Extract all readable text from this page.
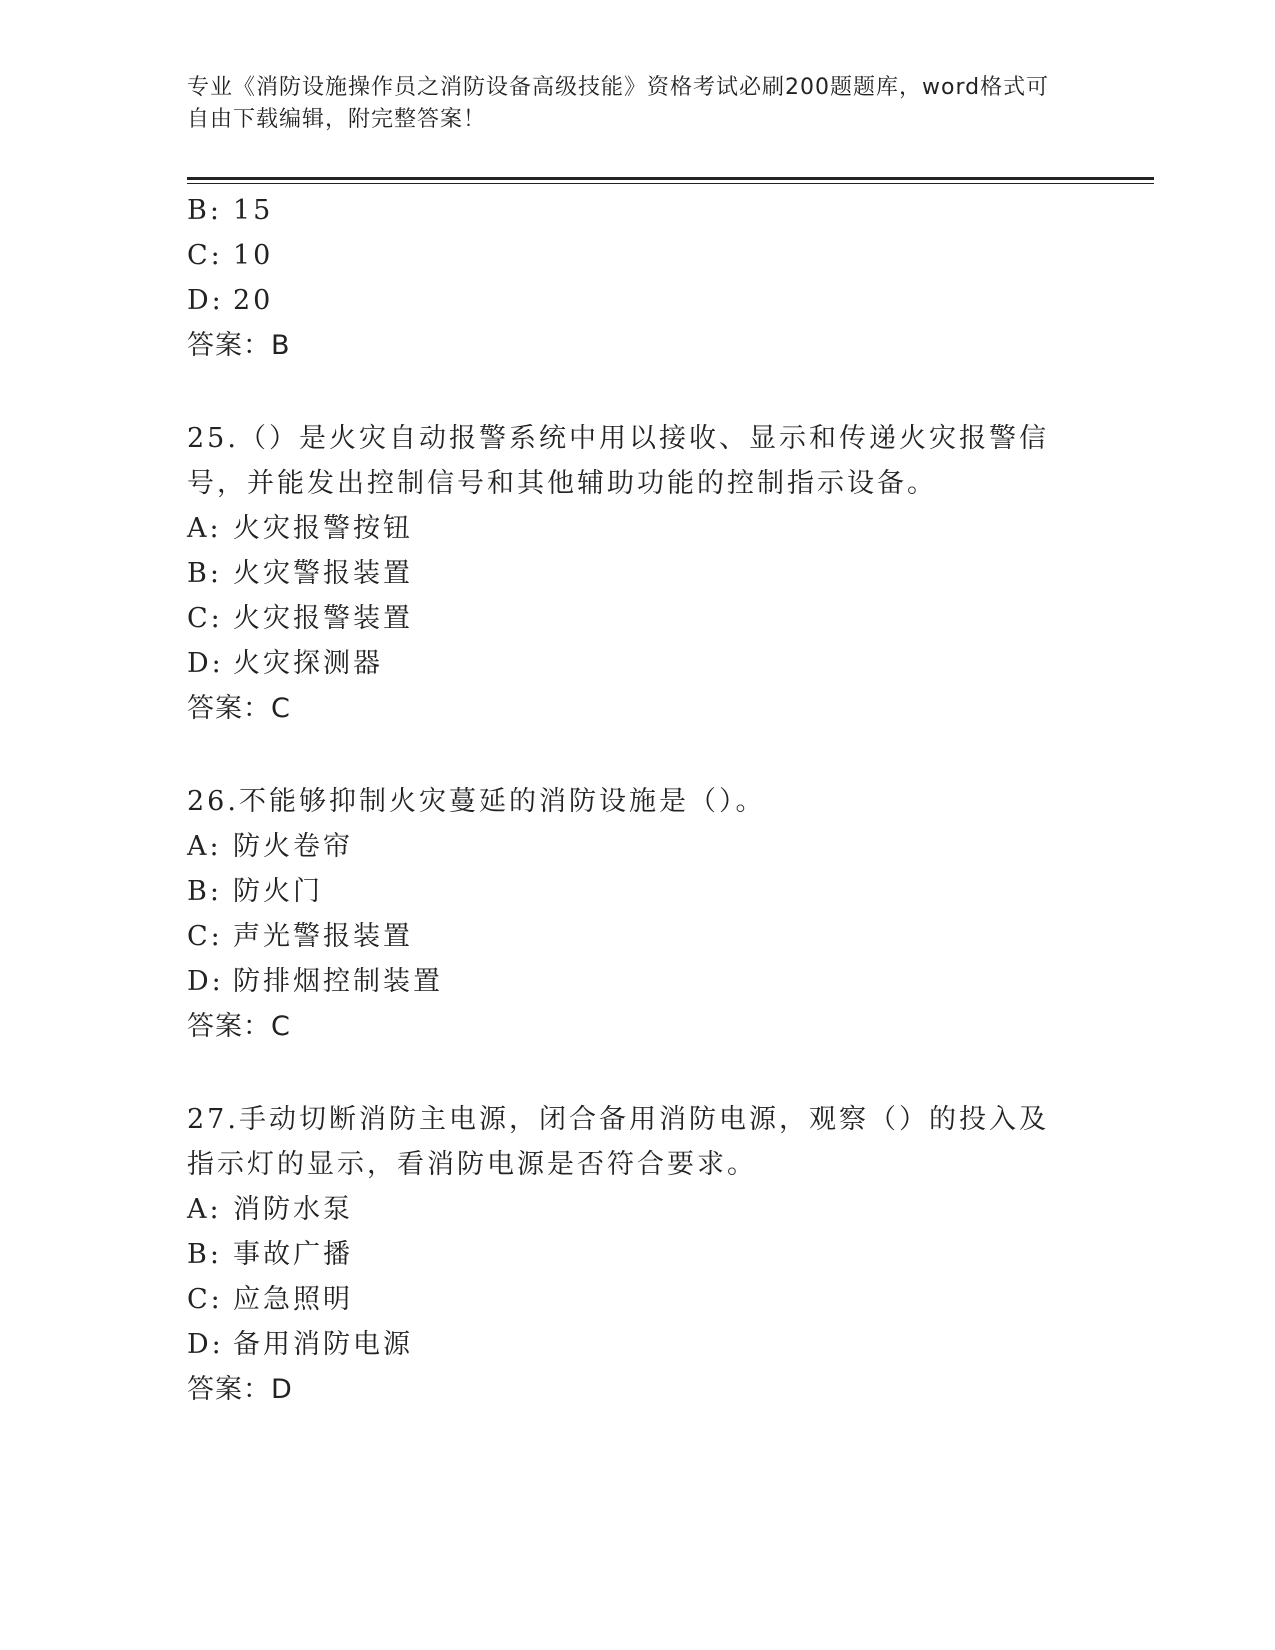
专业《消防设施操作员之消防设备高级技能》资格考试必刷200题题库，word格式可自由下载编辑，附完整答案！
B: 15
C: 10
D: 20
答案：B
25.（）是火灾自动报警系统中用以接收、显示和传递火灾报警信号，并能发出控制信号和其他辅助功能的控制指示设备。
A: 火灾报警按钮
B: 火灾警报装置
C: 火灾报警装置
D: 火灾探测器
答案：C
26.不能够抑制火灾蔓延的消防设施是（）。
A: 防火卷帘
B: 防火门
C: 声光警报装置
D: 防排烟控制装置
答案：C
27.手动切断消防主电源，闭合备用消防电源，观察（）的投入及指示灯的显示，看消防电源是否符合要求。
A: 消防水泵
B: 事故广播
C: 应急照明
D: 备用消防电源
答案：D
